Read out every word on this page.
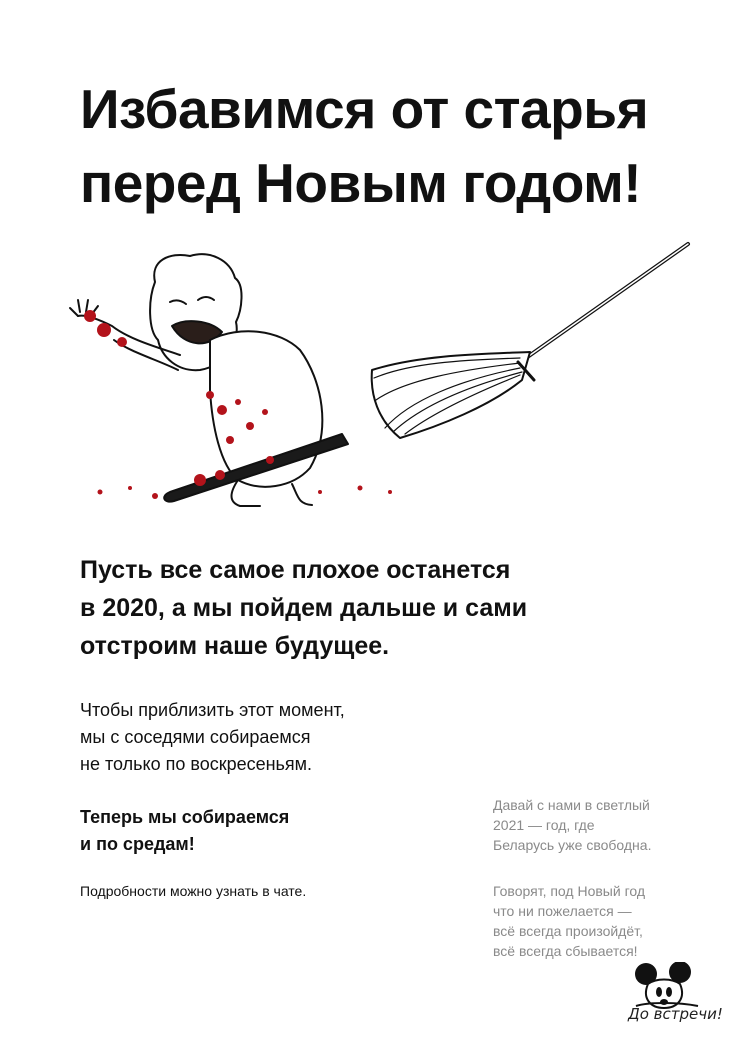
Избавимся от старья
перед Новым годом!
Пусть все самое плохое останется
в 2020, а мы пойдем дальше и сами
отстроим наше будущее.
Чтобы приблизить этот момент,
мы с соседями собираемся
не только по воскресеньям.
Теперь мы собираемся
и по средам!
Подробности можно узнать в чате.
Давай с нами в светлый
2021 — год, где
Беларусь уже свободна.
Говорят, под Новый год
что ни пожелается —
всё всегда произойдёт,
всё всегда сбывается!
До встречи!
